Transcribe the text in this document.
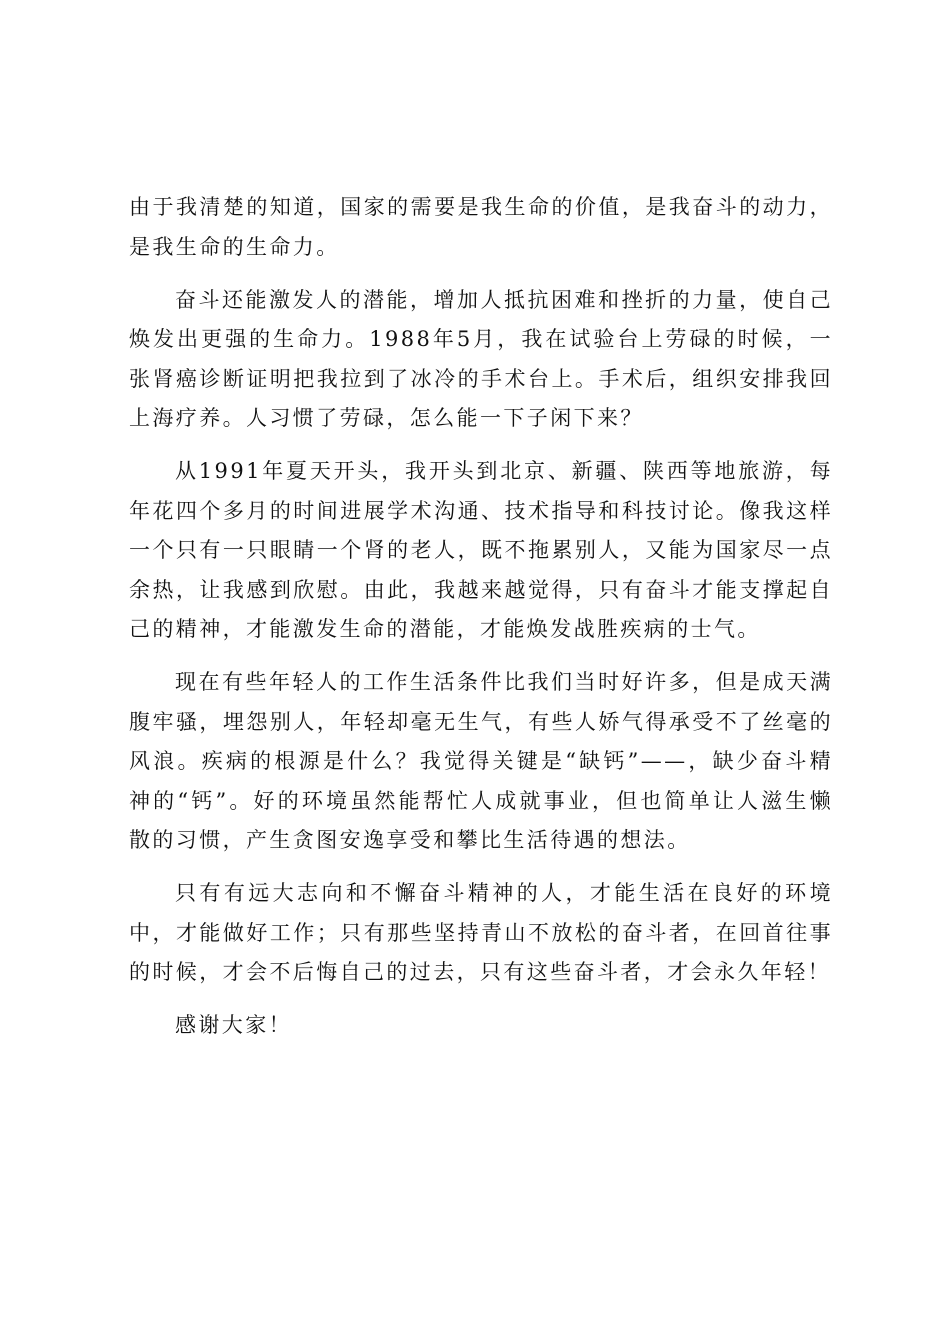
由于我清楚的知道，国家的需要是我生命的价值，是我奋斗的动力，是我生命的生命力。

奋斗还能激发人的潜能，增加人抵抗困难和挫折的力量，使自己焕发出更强的生命力。1988年5月，我在试验台上劳碌的时候，一张肾癌诊断证明把我拉到了冰冷的手术台上。手术后，组织安排我回上海疗养。人习惯了劳碌，怎么能一下子闲下来？

从1991年夏天开头，我开头到北京、新疆、陕西等地旅游，每年花四个多月的时间进展学术沟通、技术指导和科技讨论。像我这样一个只有一只眼睛一个肾的老人，既不拖累别人，又能为国家尽一点余热，让我感到欣慰。由此，我越来越觉得，只有奋斗才能支撑起自己的精神，才能激发生命的潜能，才能焕发战胜疾病的士气。

现在有些年轻人的工作生活条件比我们当时好许多，但是成天满腹牢骚，埋怨别人，年轻却毫无生气，有些人娇气得承受不了丝毫的风浪。疾病的根源是什么？我觉得关键是“缺钙”——，缺少奋斗精神的“钙”。好的环境虽然能帮忙人成就事业，但也简单让人滋生懒散的习惯，产生贪图安逸享受和攀比生活待遇的想法。

只有有远大志向和不懈奋斗精神的人，才能生活在良好的环境中，才能做好工作；只有那些坚持青山不放松的奋斗者，在回首往事的时候，才会不后悔自己的过去，只有这些奋斗者，才会永久年轻！

感谢大家！
